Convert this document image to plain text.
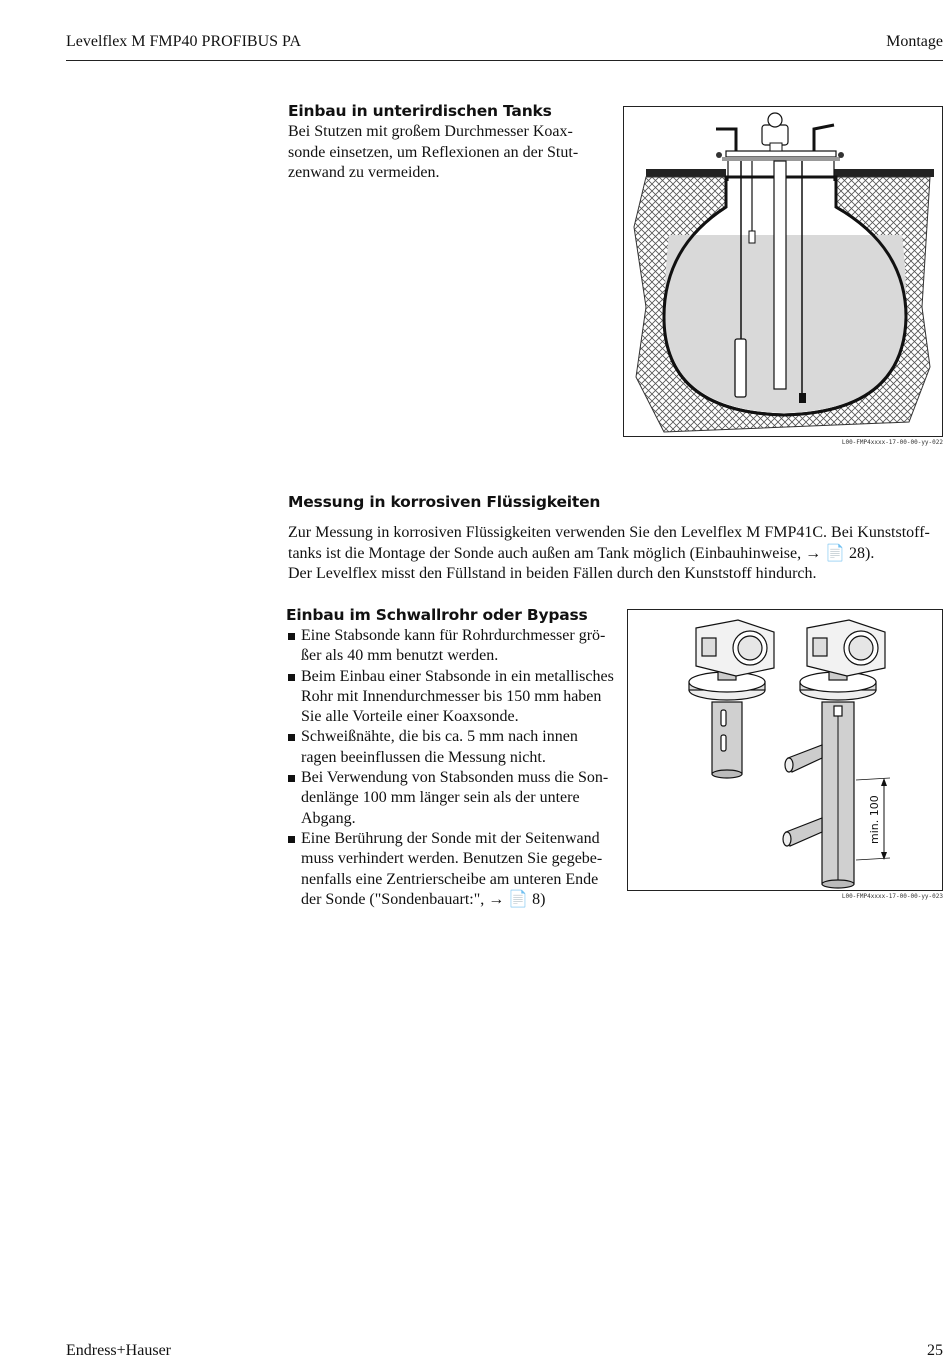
Levelflex M FMP40 PROFIBUS PA	Montage
Einbau in unterirdischen Tanks
Bei Stutzen mit großem Durchmesser Koax-
sonde einsetzen, um Reflexionen an der Stut-
zenwand zu vermeiden.
L00-FMP4xxxx-17-00-00-yy-022
Messung in korrosiven Flüssigkeiten
Zur Messung in korrosiven Flüssigkeiten verwenden Sie den Levelflex M FMP41C. Bei Kunststoff-
tanks ist die Montage der Sonde auch außen am Tank möglich (Einbauhinweise, → 📄 28).
Der Levelflex misst den Füllstand in beiden Fällen durch den Kunststoff hindurch.
Einbau im Schwallrohr oder Bypass
Eine Stabsonde kann für Rohrdurchmesser grö-
ßer als 40 mm benutzt werden.
Beim Einbau einer Stabsonde in ein metallisches
Rohr mit Innendurchmesser bis 150 mm haben
Sie alle Vorteile einer Koaxsonde.
Schweißnähte, die bis ca. 5 mm nach innen
ragen beeinflussen die Messung nicht.
Bei Verwendung von Stabsonden muss die Son-
denlänge 100 mm länger sein als der untere
Abgang.
Eine Berührung der Sonde mit der Seitenwand
muss verhindert werden. Benutzen Sie gegebe-
nenfalls eine Zentrierscheibe am unteren Ende
der Sonde ("Sondenbauart:", → 📄 8)
min. 100
L00-FMP4xxxx-17-00-00-yy-023
Endress+Hauser	25
